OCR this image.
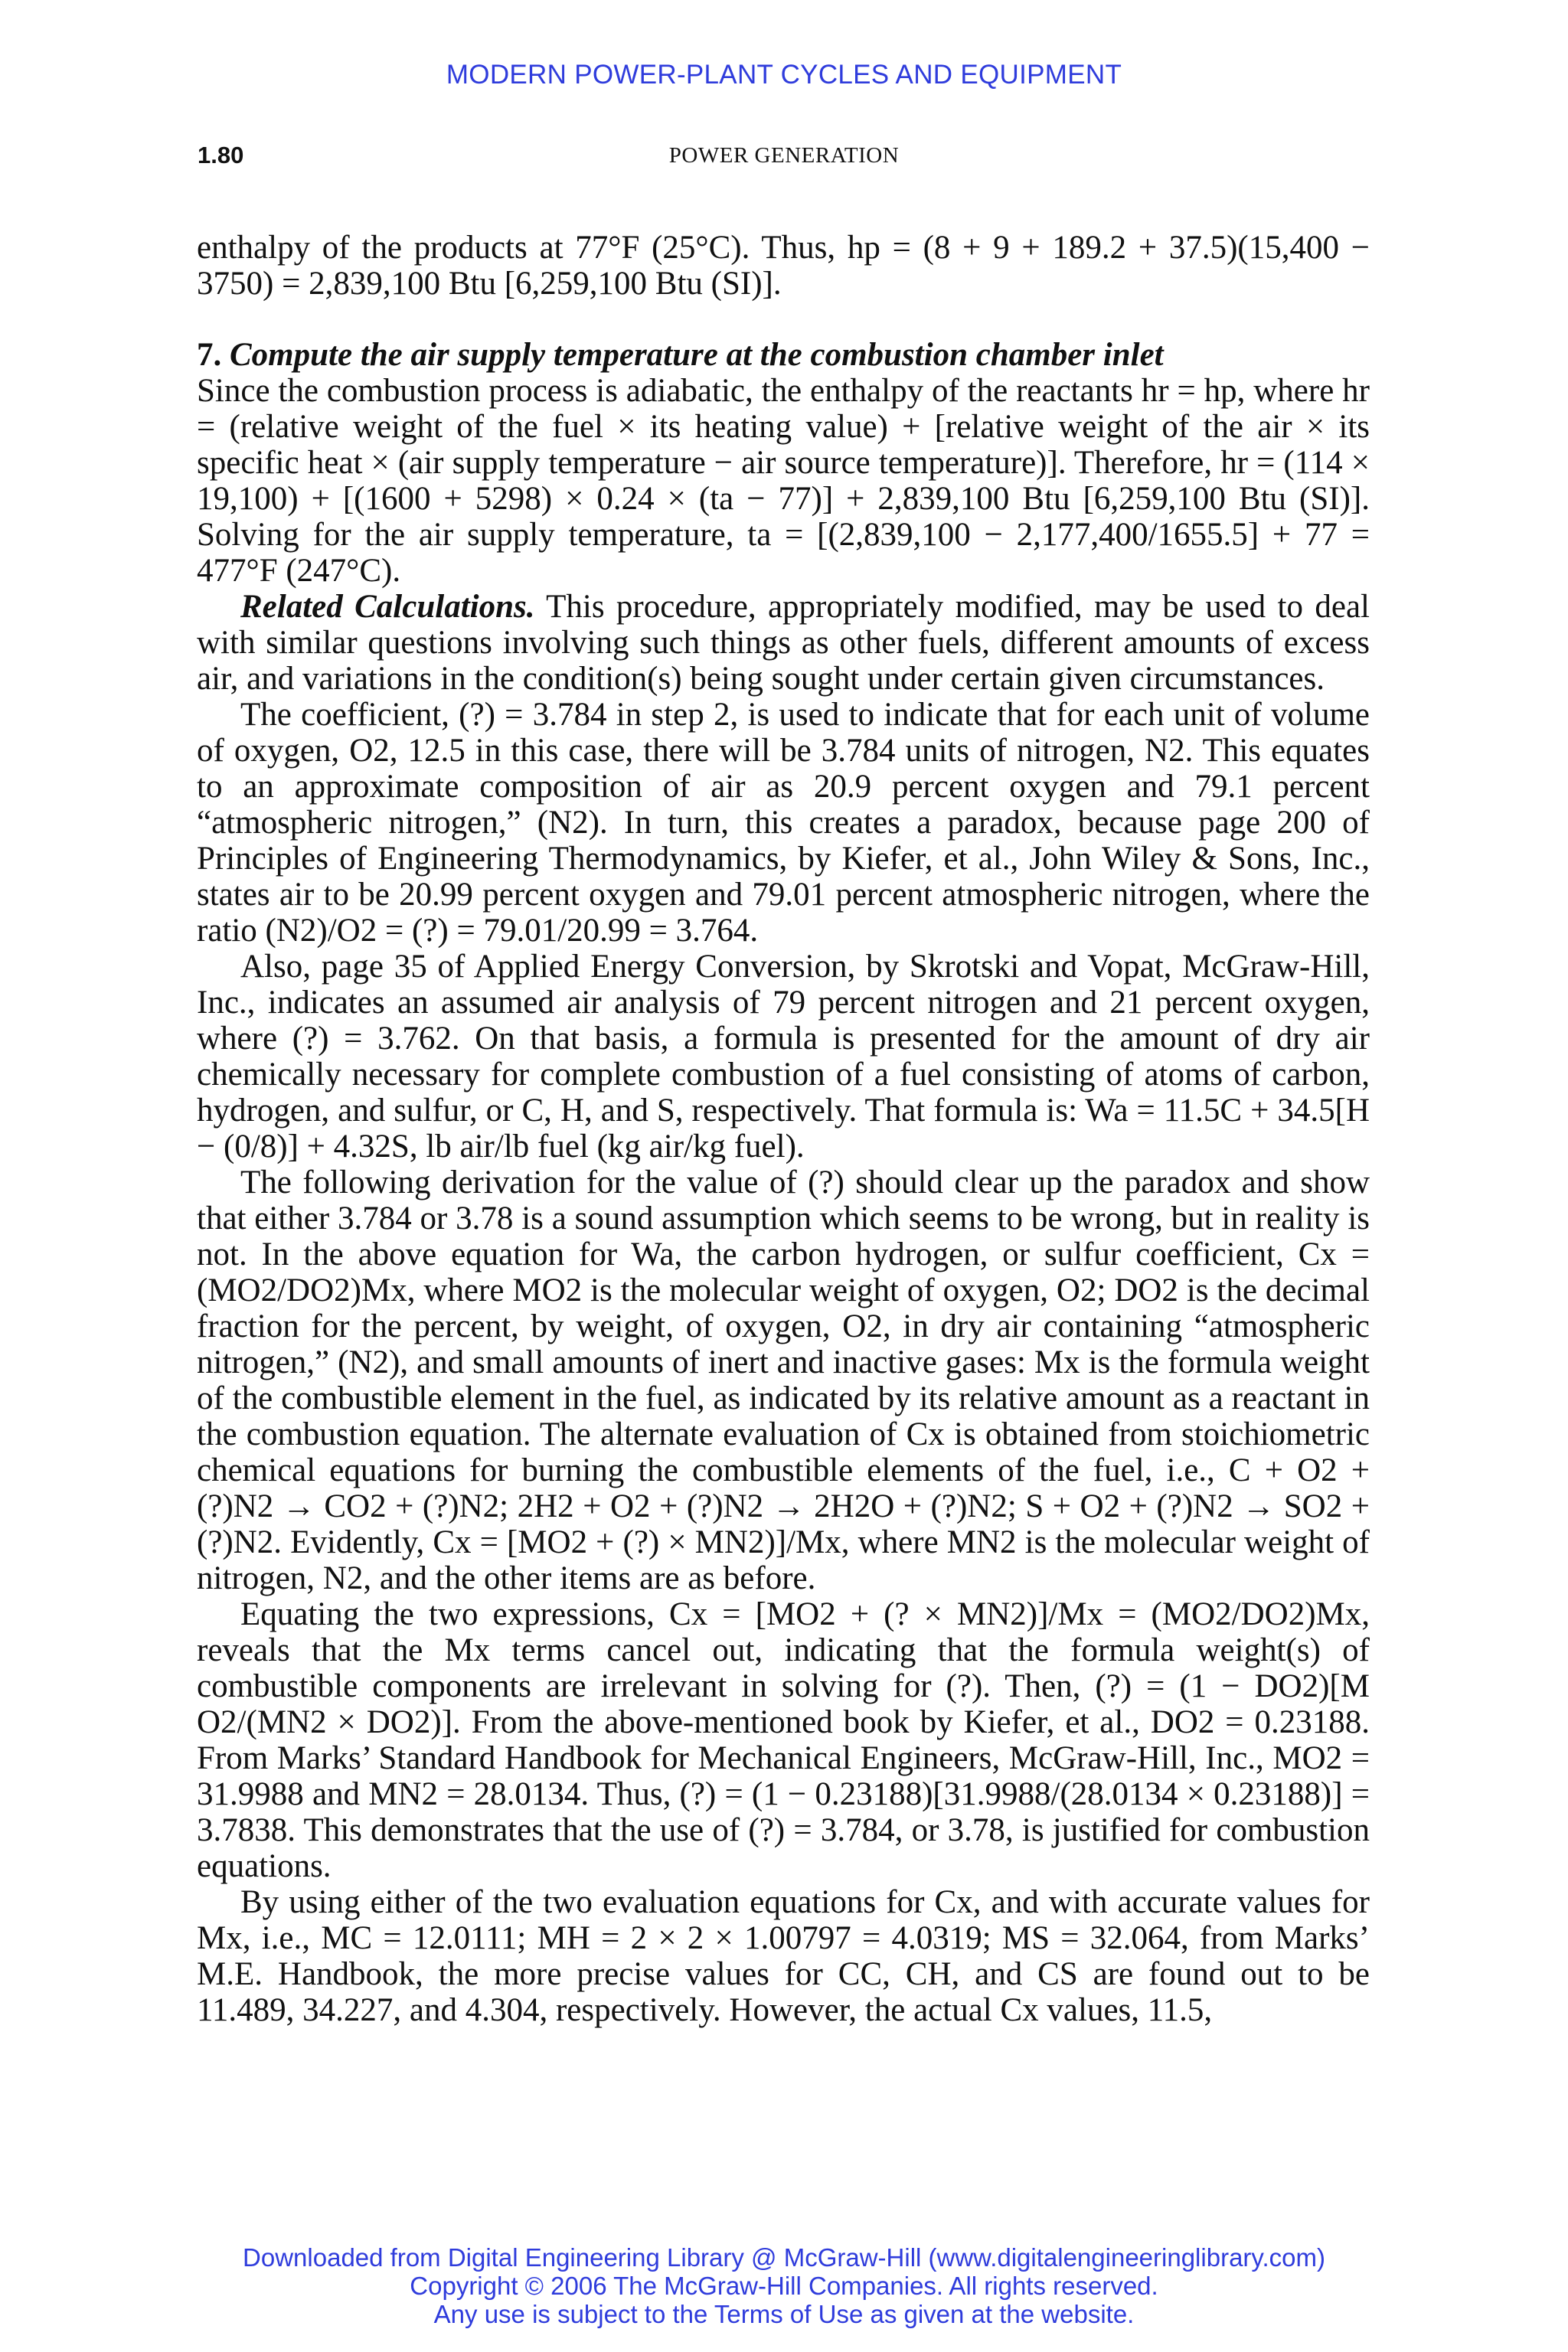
MODERN POWER-PLANT CYCLES AND EQUIPMENT
1.80	POWER GENERATION

enthalpy of the products at 77°F (25°C). Thus, hp = (8 + 9 + 189.2 + 37.5)(15,400 − 3750) = 2,839,100 Btu [6,259,100 Btu (SI)].

7. Compute the air supply temperature at the combustion chamber inlet

Since the combustion process is adiabatic, the enthalpy of the reactants hr = hp, where hr = (relative weight of the fuel × its heating value) + [relative weight of the air × its specific heat × (air supply temperature − air source temperature)]. Therefore, hr = (114 × 19,100) + [(1600 + 5298) × 0.24 × (ta − 77)] + 2,839,100 Btu [6,259,100 Btu (SI)]. Solving for the air supply temperature, ta = [(2,839,100 − 2,177,400/1655.5] + 77 = 477°F (247°C).

Related Calculations. This procedure, appropriately modified, may be used to deal with similar questions involving such things as other fuels, different amounts of excess air, and variations in the condition(s) being sought under certain given circumstances.

The coefficient, (?) = 3.784 in step 2, is used to indicate that for each unit of volume of oxygen, O2, 12.5 in this case, there will be 3.784 units of nitrogen, N2. This equates to an approximate composition of air as 20.9 percent oxygen and 79.1 percent “atmospheric nitrogen,” (N2). In turn, this creates a paradox, because page 200 of Principles of Engineering Thermodynamics, by Kiefer, et al., John Wiley & Sons, Inc., states air to be 20.99 percent oxygen and 79.01 percent atmospheric nitrogen, where the ratio (N2)/O2 = (?) = 79.01/20.99 = 3.764.

Also, page 35 of Applied Energy Conversion, by Skrotski and Vopat, McGraw-Hill, Inc., indicates an assumed air analysis of 79 percent nitrogen and 21 percent oxygen, where (?) = 3.762. On that basis, a formula is presented for the amount of dry air chemically necessary for complete combustion of a fuel consisting of atoms of carbon, hydrogen, and sulfur, or C, H, and S, respectively. That formula is: Wa = 11.5C + 34.5[H − (0/8)] + 4.32S, lb air/lb fuel (kg air/kg fuel).

The following derivation for the value of (?) should clear up the paradox and show that either 3.784 or 3.78 is a sound assumption which seems to be wrong, but in reality is not. In the above equation for Wa, the carbon hydrogen, or sulfur coefficient, Cx = (MO2/DO2)Mx, where MO2 is the molecular weight of oxygen, O2; DO2 is the decimal fraction for the percent, by weight, of oxygen, O2, in dry air containing “atmospheric nitrogen,” (N2), and small amounts of inert and inactive gases: Mx is the formula weight of the combustible element in the fuel, as indicated by its relative amount as a reactant in the combustion equation. The alternate evaluation of Cx is obtained from stoichiometric chemical equations for burning the combustible elements of the fuel, i.e., C + O2 + (?)N2 → CO2 + (?)N2; 2H2 + O2 + (?)N2 → 2H2O + (?)N2; S + O2 + (?)N2 → SO2 + (?)N2. Evidently, Cx = [MO2 + (?) × MN2)]/Mx, where MN2 is the molecular weight of nitrogen, N2, and the other items are as before.

Equating the two expressions, Cx = [MO2 + (? × MN2)]/Mx = (MO2/DO2)Mx, reveals that the Mx terms cancel out, indicating that the formula weight(s) of combustible components are irrelevant in solving for (?). Then, (?) = (1 − DO2)[M O2/(MN2 × DO2)]. From the above-mentioned book by Kiefer, et al., DO2 = 0.23188. From Marks’ Standard Handbook for Mechanical Engineers, McGraw-Hill, Inc., MO2 = 31.9988 and MN2 = 28.0134. Thus, (?) = (1 − 0.23188)[31.9988/(28.0134 × 0.23188)] = 3.7838. This demonstrates that the use of (?) = 3.784, or 3.78, is justified for combustion equations.

By using either of the two evaluation equations for Cx, and with accurate values for Mx, i.e., MC = 12.0111; MH = 2 × 2 × 1.00797 = 4.0319; MS = 32.064, from Marks’ M.E. Handbook, the more precise values for CC, CH, and CS are found out to be 11.489, 34.227, and 4.304, respectively. However, the actual Cx values, 11.5,

Downloaded from Digital Engineering Library @ McGraw-Hill (www.digitalengineeringlibrary.com)
Copyright © 2006 The McGraw-Hill Companies. All rights reserved.
Any use is subject to the Terms of Use as given at the website.
